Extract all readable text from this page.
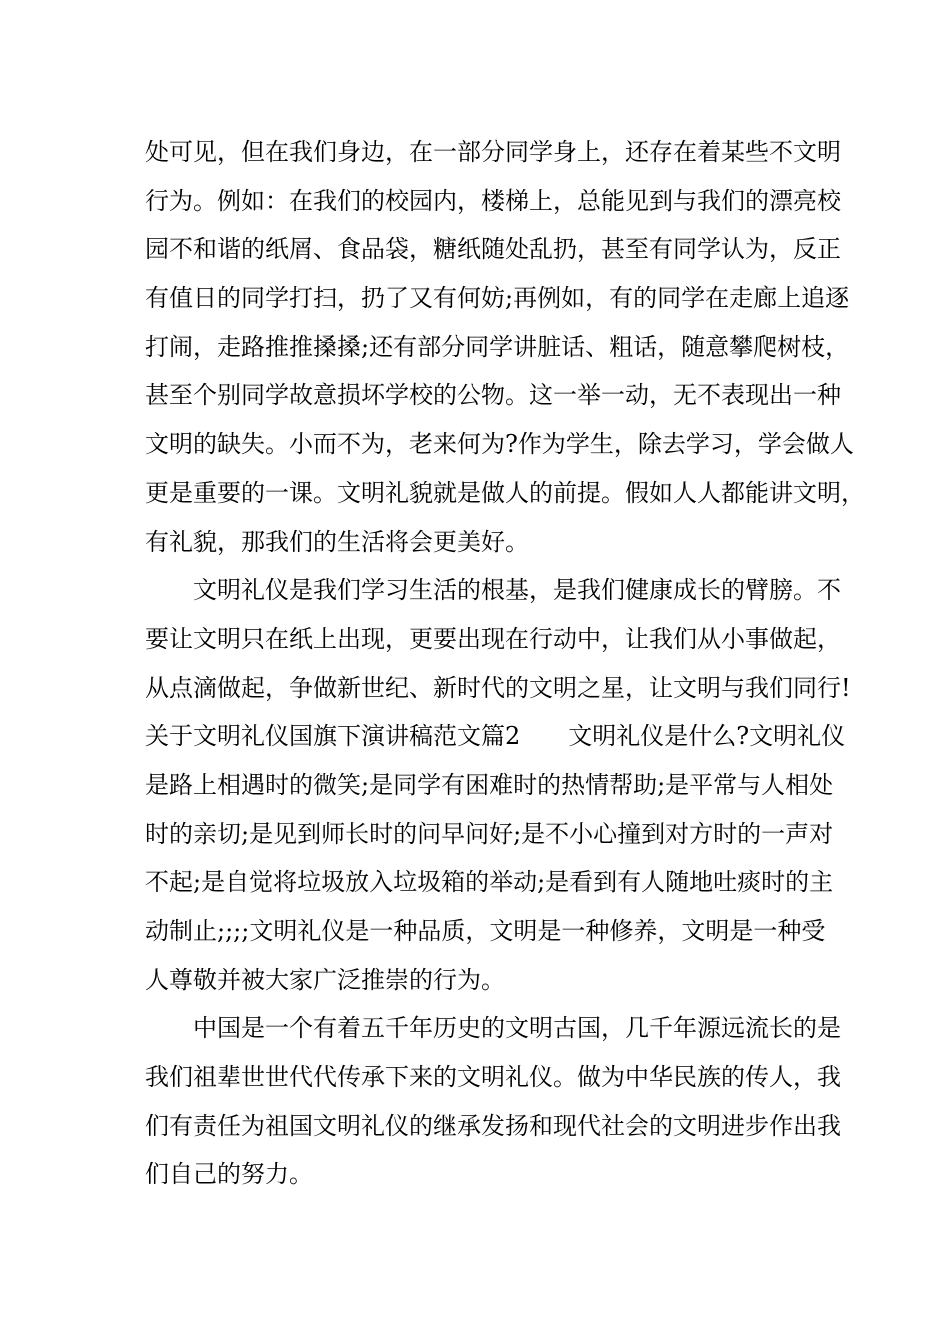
处可见，但在我们身边，在一部分同学身上，还存在着某些不文明
行为。例如：在我们的校园内，楼梯上，总能见到与我们的漂亮校
园不和谐的纸屑、食品袋，糖纸随处乱扔，甚至有同学认为，反正
有值日的同学打扫，扔了又有何妨;再例如，有的同学在走廊上追逐
打闹，走路推推搡搡;还有部分同学讲脏话、粗话，随意攀爬树枝，
甚至个别同学故意损坏学校的公物。这一举一动，无不表现出一种
文明的缺失。小而不为，老来何为?作为学生，除去学习，学会做人
更是重要的一课。文明礼貌就是做人的前提。假如人人都能讲文明，
有礼貌，那我们的生活将会更美好。
　　文明礼仪是我们学习生活的根基，是我们健康成长的臂膀。不
要让文明只在纸上出现，更要出现在行动中，让我们从小事做起，
从点滴做起，争做新世纪、新时代的文明之星，让文明与我们同行!
关于文明礼仪国旗下演讲稿范文篇2　　文明礼仪是什么?文明礼仪
是路上相遇时的微笑;是同学有困难时的热情帮助;是平常与人相处
时的亲切;是见到师长时的问早问好;是不小心撞到对方时的一声对
不起;是自觉将垃圾放入垃圾箱的举动;是看到有人随地吐痰时的主
动制止;;;;文明礼仪是一种品质，文明是一种修养，文明是一种受
人尊敬并被大家广泛推崇的行为。
　　中国是一个有着五千年历史的文明古国，几千年源远流长的是
我们祖辈世世代代传承下来的文明礼仪。做为中华民族的传人，我
们有责任为祖国文明礼仪的继承发扬和现代社会的文明进步作出我
们自己的努力。
